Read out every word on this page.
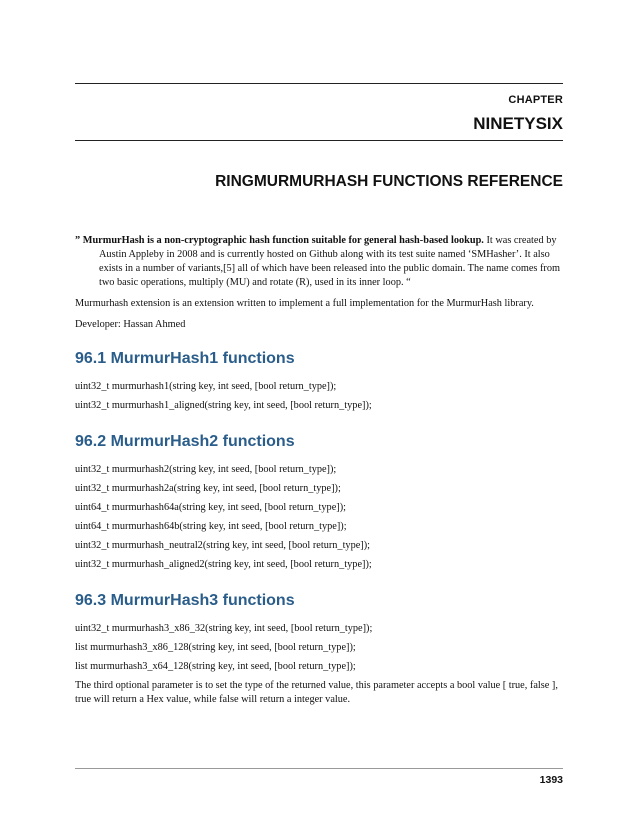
CHAPTER
NINETYSIX
RINGMURMURHASH FUNCTIONS REFERENCE

” MurmurHash is a non-cryptographic hash function suitable for general hash-based lookup. It was created by

Austin Appleby in 2008 and is currently hosted on Github along with its test suite named ‘SMHasher’. It also exists in a number of variants,[5] all of which have been released into the public domain. The name comes from two basic operations, multiply (MU) and rotate (R), used in its inner loop. “

Murmurhash extension is an extension written to implement a full implementation for the MurmurHash library.

Developer: Hassan Ahmed

96.1 MurmurHash1 functions

uint32_t murmurhash1(string key, int seed, [bool return_type]);

uint32_t murmurhash1_aligned(string key, int seed, [bool return_type]);

96.2 MurmurHash2 functions

uint32_t murmurhash2(string key, int seed, [bool return_type]);

uint32_t murmurhash2a(string key, int seed, [bool return_type]);

uint64_t murmurhash64a(string key, int seed, [bool return_type]);

uint64_t murmurhash64b(string key, int seed, [bool return_type]);

uint32_t murmurhash_neutral2(string key, int seed, [bool return_type]);

uint32_t murmurhash_aligned2(string key, int seed, [bool return_type]);

96.3 MurmurHash3 functions

uint32_t murmurhash3_x86_32(string key, int seed, [bool return_type]);

list murmurhash3_x86_128(string key, int seed, [bool return_type]);

list murmurhash3_x64_128(string key, int seed, [bool return_type]);

The third optional parameter is to set the type of the returned value, this parameter accepts a bool value [ true, false ], true will return a Hex value, while false will return a integer value.

1393
